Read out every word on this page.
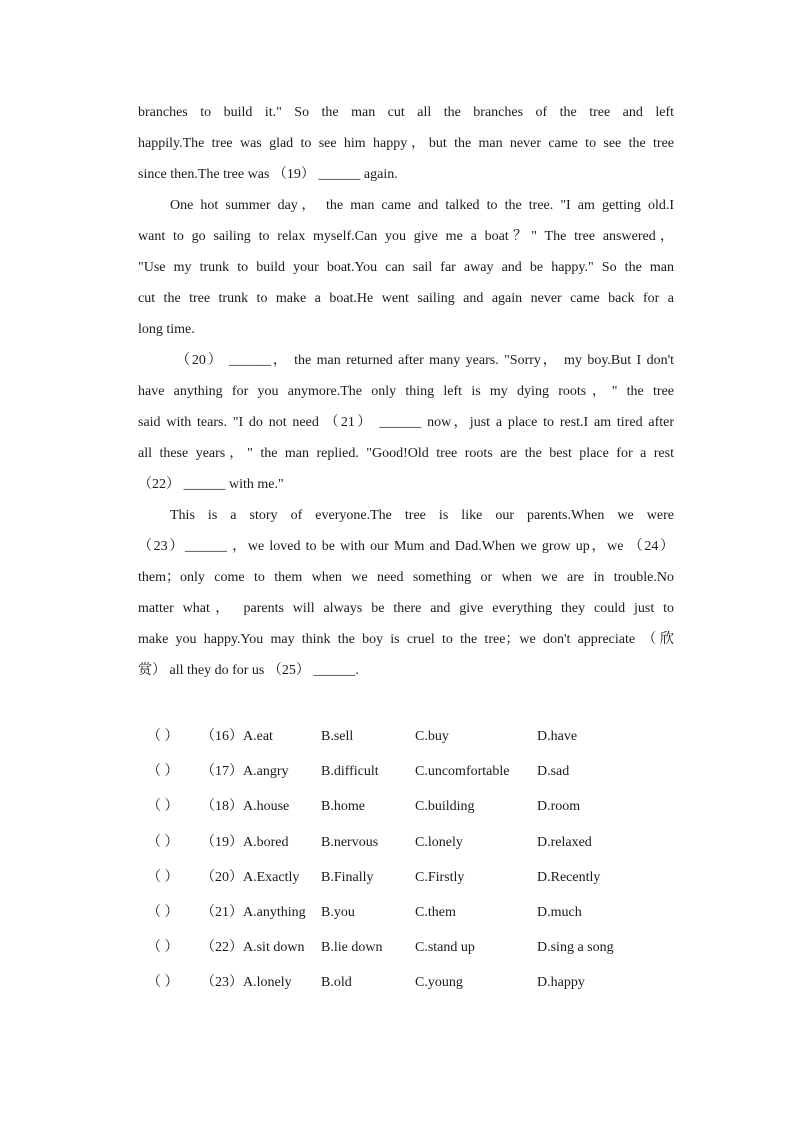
branches to build it." So the man cut all the branches of the tree and left
happily.The tree was glad to see him happy，but the man never came to see the tree
since then.The tree was （19） ______ again.
One hot summer day， the man came and talked to the tree. "I am getting old.I
want to go sailing to relax myself.Can you give me a boat？" The tree answered，
"Use my trunk to build your boat.You can sail far away and be happy." So the man
cut the tree trunk to make a boat.He went sailing and again never came back for a
long time.
（20） ______， the man returned after many years. "Sorry， my boy.But I don't
have anything for you anymore.The only thing left is my dying roots，" the tree
said with tears. "I do not need （21） ______ now，just a place to rest.I am tired after
all these years，" the man replied. "Good!Old tree roots are the best place for a rest
（22） ______ with me."
This is a story of everyone.The tree is like our parents.When we were
（23）______ ，we loved to be with our Mum and Dad.When we grow up，we （24）
them；only come to them when we need something or when we are in trouble.No
matter what， parents will always be there and give everything they could just to
make you happy.You may think the boy is cruel to the tree；we don't appreciate （欣
赏） all they do for us （25） ______.
（ ） （16） A.eat	B.sell	C.buy	D.have
（ ） （17） A.angry B.difficult	C.uncomfortable D.sad
（ ） （18） A.house B.home	C.building	D.room
（ ） （19） A.bored B.nervous	C.lonely	D.relaxed
（ ） （20） A.Exactly B.Finally	C.Firstly	D.Recently
（ ） （21） A.anything B.you	C.them	D.much
（ ） （22） A.sit down B.lie down C.stand up	D.sing a song
（ ） （23） A.lonely B.old	C.young	D.happy
